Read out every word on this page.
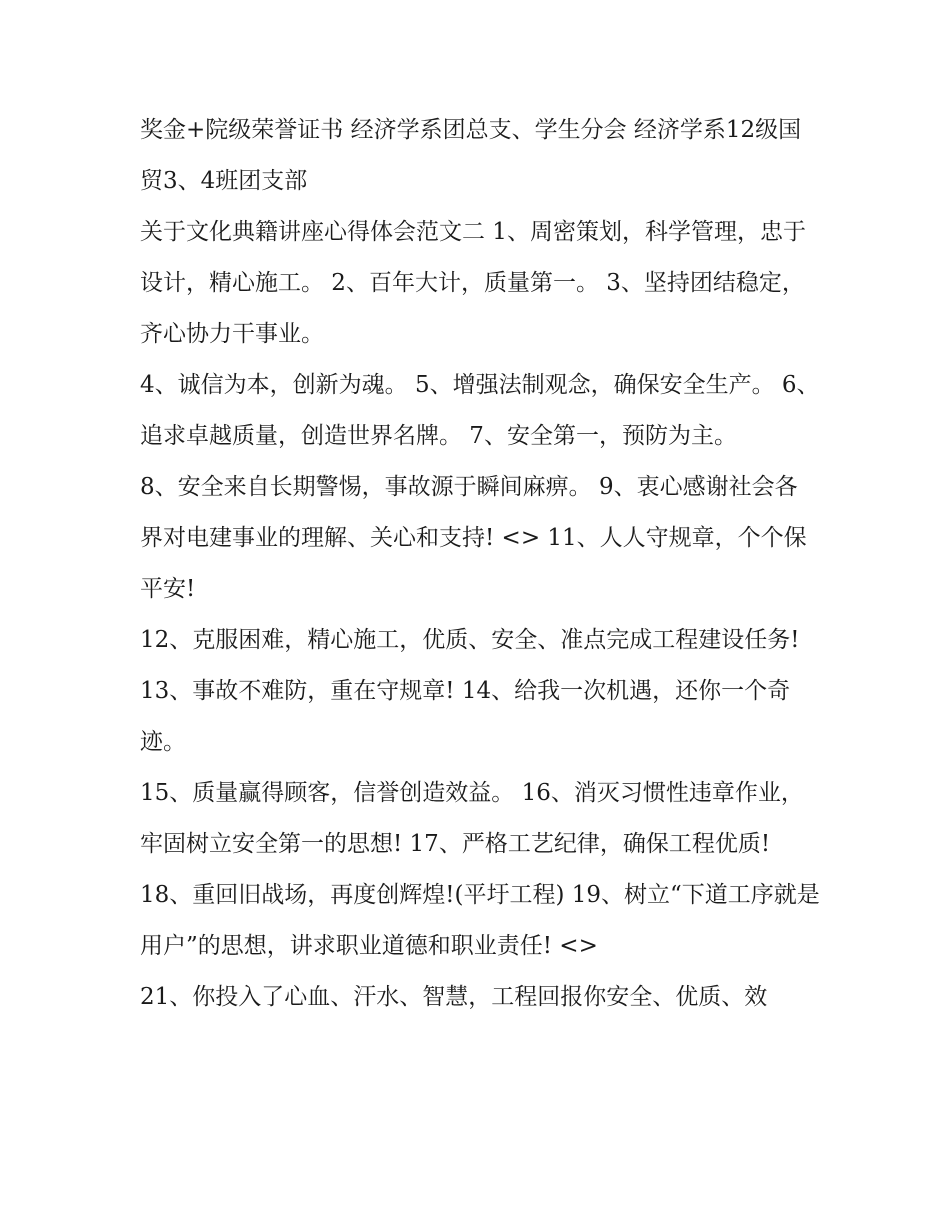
奖金+院级荣誉证书 经济学系团总支、学生分会 经济学系12级国贸3、4班团支部

关于文化典籍讲座心得体会范文二 1、周密策划，科学管理，忠于设计，精心施工。 2、百年大计，质量第一。 3、坚持团结稳定，齐心协力干事业。

4、诚信为本，创新为魂。 5、增强法制观念，确保安全生产。 6、追求卓越质量，创造世界名牌。 7、安全第一，预防为主。

8、安全来自长期警惕，事故源于瞬间麻痹。 9、衷心感谢社会各界对电建事业的理解、关心和支持! <> 11、人人守规章，个个保平安!

12、克服困难，精心施工，优质、安全、准点完成工程建设任务! 13、事故不难防，重在守规章! 14、给我一次机遇，还你一个奇迹。

15、质量赢得顾客，信誉创造效益。 16、消灭习惯性违章作业，牢固树立安全第一的思想! 17、严格工艺纪律，确保工程优质!

18、重回旧战场，再度创辉煌!(平圩工程) 19、树立“下道工序就是用户”的思想，讲求职业道德和职业责任! <>

21、你投入了心血、汗水、智慧，工程回报你安全、优质、效
